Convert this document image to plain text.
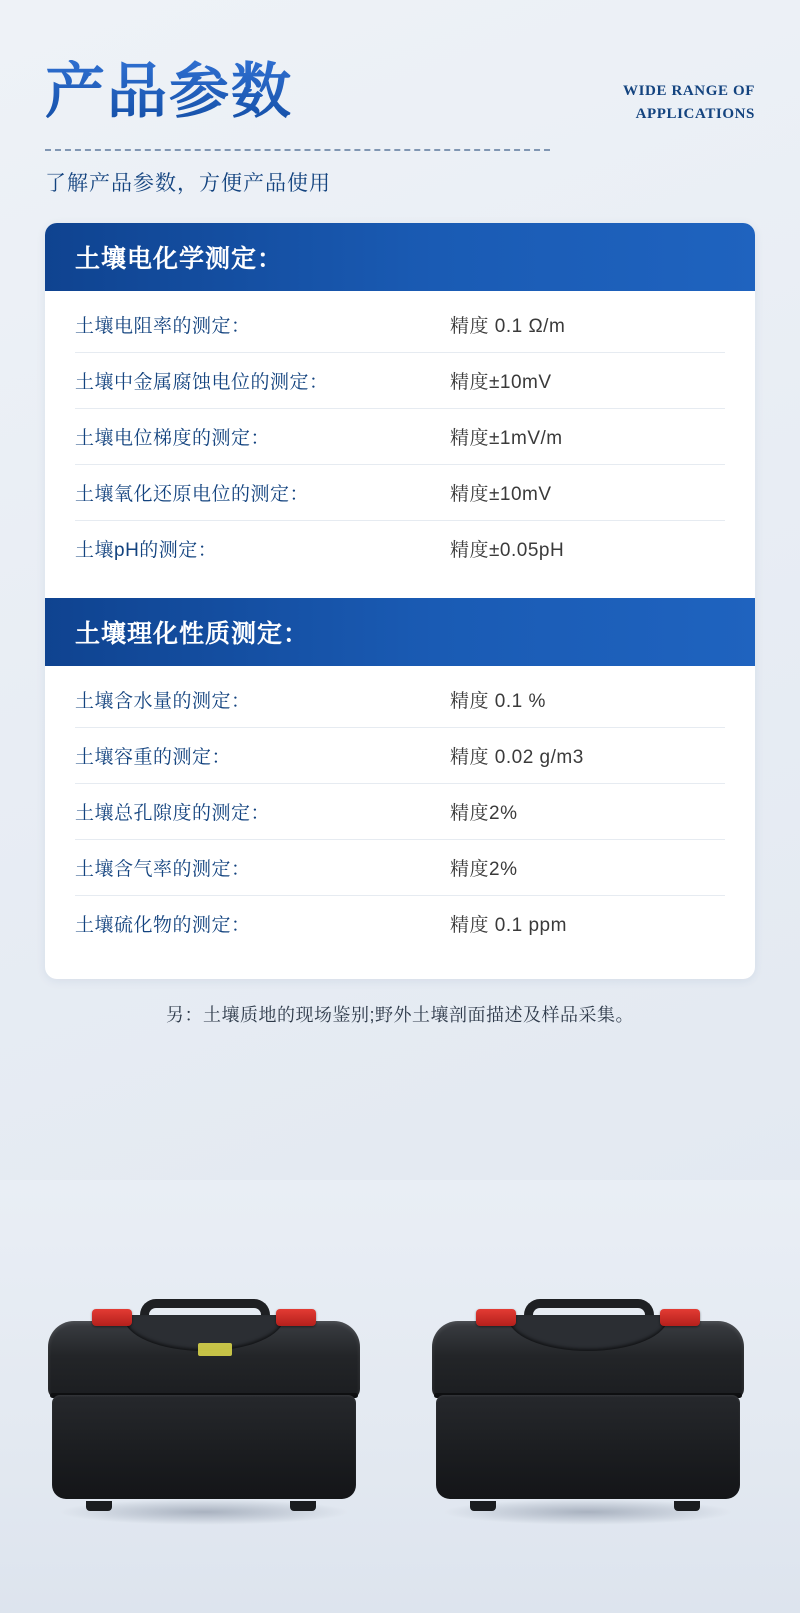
产品参数	WIDE RANGE OF
APPLICATIONS
了解产品参数，方便产品使用
土壤电化学测定：
土壤电阻率的测定：	精度 0.1 Ω/m
土壤中金属腐蚀电位的测定：	精度±10mV
土壤电位梯度的测定：	精度±1mV/m
土壤氧化还原电位的测定：	精度±10mV
土壤pH的测定：	精度±0.05pH
土壤理化性质测定：
土壤含水量的测定：	精度 0.1 %
土壤容重的测定：	精度 0.02 g/m3
土壤总孔隙度的测定：	精度2%
土壤含气率的测定：	精度2%
土壤硫化物的测定：	精度 0.1 ppm
另：土壤质地的现场鉴别;野外土壤剖面描述及样品采集。
